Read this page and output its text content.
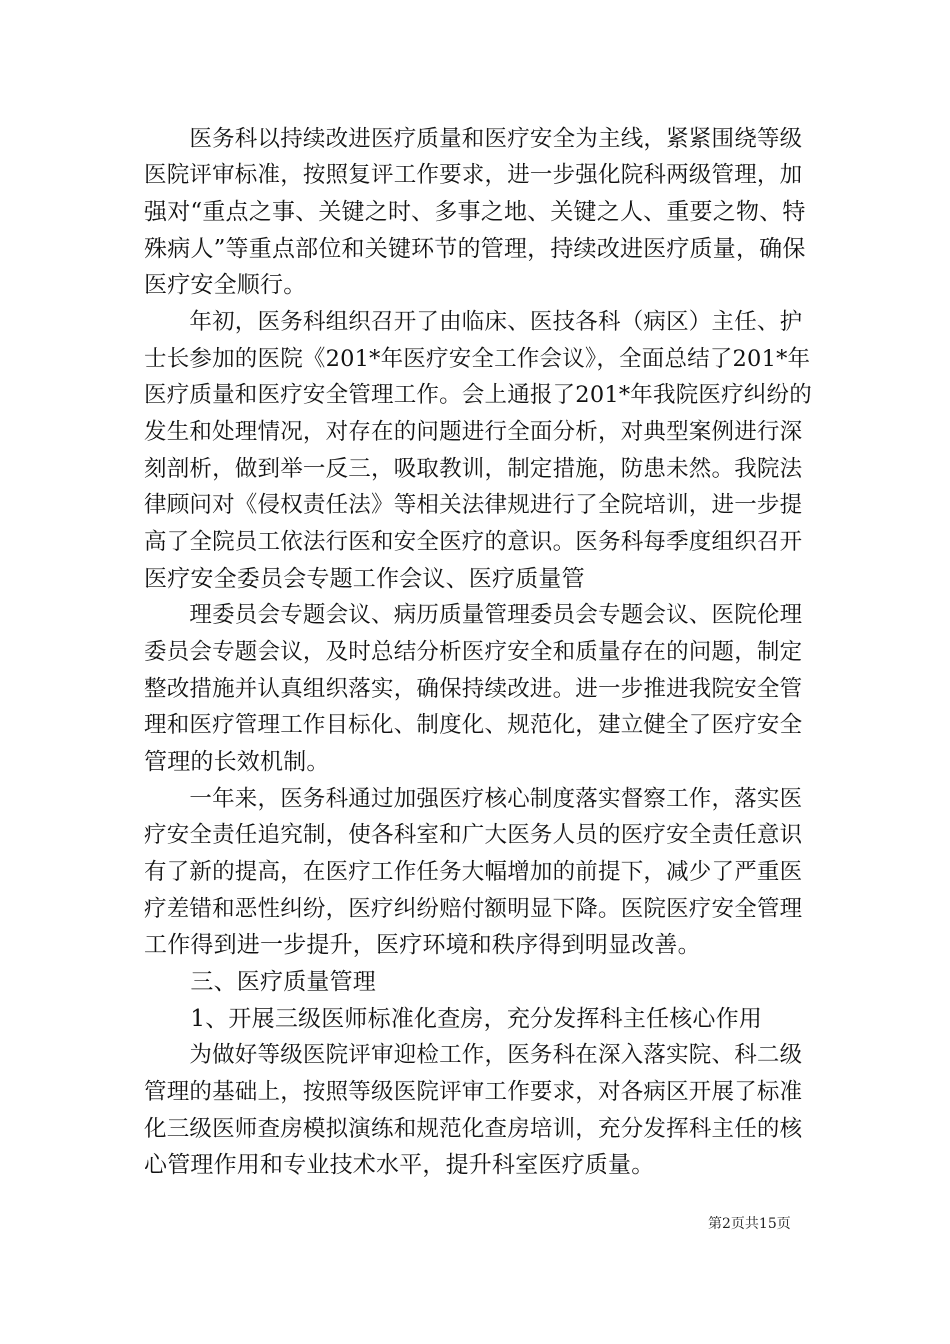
　　医务科以持续改进医疗质量和医疗安全为主线，紧紧围绕等级
医院评审标准，按照复评工作要求，进一步强化院科两级管理，加
强对“重点之事、关键之时、多事之地、关键之人、重要之物、特
殊病人”等重点部位和关键环节的管理，持续改进医疗质量，确保
医疗安全顺行。
　　年初，医务科组织召开了由临床、医技各科（病区）主任、护
士长参加的医院《201*年医疗安全工作会议》，全面总结了201*年
医疗质量和医疗安全管理工作。会上通报了201*年我院医疗纠纷的
发生和处理情况，对存在的问题进行全面分析，对典型案例进行深
刻剖析，做到举一反三，吸取教训，制定措施，防患未然。我院法
律顾问对《侵权责任法》等相关法律规进行了全院培训，进一步提
高了全院员工依法行医和安全医疗的意识。医务科每季度组织召开
医疗安全委员会专题工作会议、医疗质量管
　　理委员会专题会议、病历质量管理委员会专题会议、医院伦理
委员会专题会议，及时总结分析医疗安全和质量存在的问题，制定
整改措施并认真组织落实，确保持续改进。进一步推进我院安全管
理和医疗管理工作目标化、制度化、规范化，建立健全了医疗安全
管理的长效机制。
　　一年来，医务科通过加强医疗核心制度落实督察工作，落实医
疗安全责任追究制，使各科室和广大医务人员的医疗安全责任意识
有了新的提高，在医疗工作任务大幅增加的前提下，减少了严重医
疗差错和恶性纠纷，医疗纠纷赔付额明显下降。医院医疗安全管理
工作得到进一步提升，医疗环境和秩序得到明显改善。
　　三、医疗质量管理
　　1、开展三级医师标准化查房，充分发挥科主任核心作用
　　为做好等级医院评审迎检工作，医务科在深入落实院、科二级
管理的基础上，按照等级医院评审工作要求，对各病区开展了标准
化三级医师查房模拟演练和规范化查房培训，充分发挥科主任的核
心管理作用和专业技术水平，提升科室医疗质量。
第2页共15页
